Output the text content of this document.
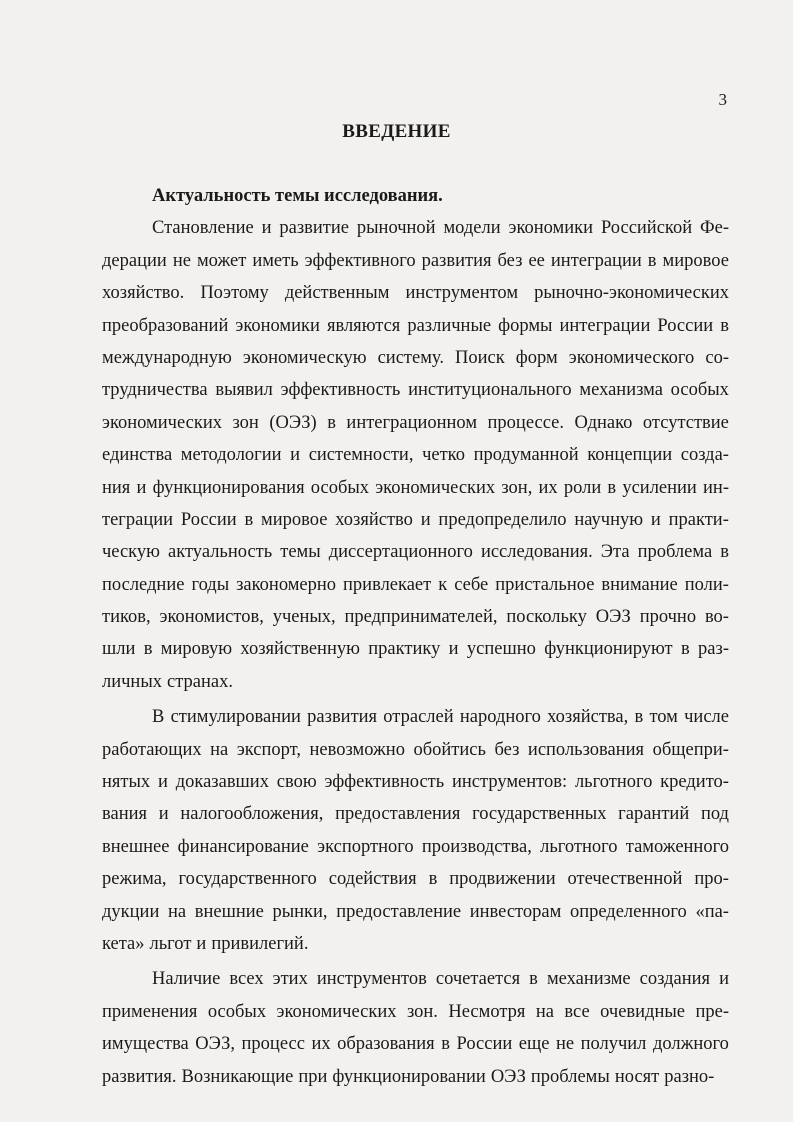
3
ВВЕДЕНИЕ
Актуальность темы исследования.
Становление и развитие рыночной модели экономики Российской Фе-
дерации не может иметь эффективного развития без ее интеграции в мировое
хозяйство. Поэтому действенным инструментом рыночно-экономических
преобразований экономики являются различные формы интеграции России в
международную экономическую систему. Поиск форм экономического со-
трудничества выявил эффективность институционального механизма особых
экономических зон (ОЭЗ) в интеграционном процессе. Однако отсутствие
единства методологии и системности, четко продуманной концепции созда-
ния и функционирования особых экономических зон, их роли в усилении ин-
теграции России в мировое хозяйство и предопределило научную и практи-
ческую актуальность темы диссертационного исследования. Эта проблема в
последние годы закономерно привлекает к себе пристальное внимание поли-
тиков, экономистов, ученых, предпринимателей, поскольку ОЭЗ прочно во-
шли в мировую хозяйственную практику и успешно функционируют в раз-
личных странах.
В стимулировании развития отраслей народного хозяйства, в том числе
работающих на экспорт, невозможно обойтись без использования общепри-
нятых и доказавших свою эффективность инструментов: льготного кредито-
вания и налогообложения, предоставления государственных гарантий под
внешнее финансирование экспортного производства, льготного таможенного
режима, государственного содействия в продвижении отечественной про-
дукции на внешние рынки, предоставление инвесторам определенного «па-
кета» льгот и привилегий.
Наличие всех этих инструментов сочетается в механизме создания и
применения особых экономических зон. Несмотря на все очевидные пре-
имущества ОЭЗ, процесс их образования в России еще не получил должного
развития. Возникающие при функционировании ОЭЗ проблемы носят разно-
